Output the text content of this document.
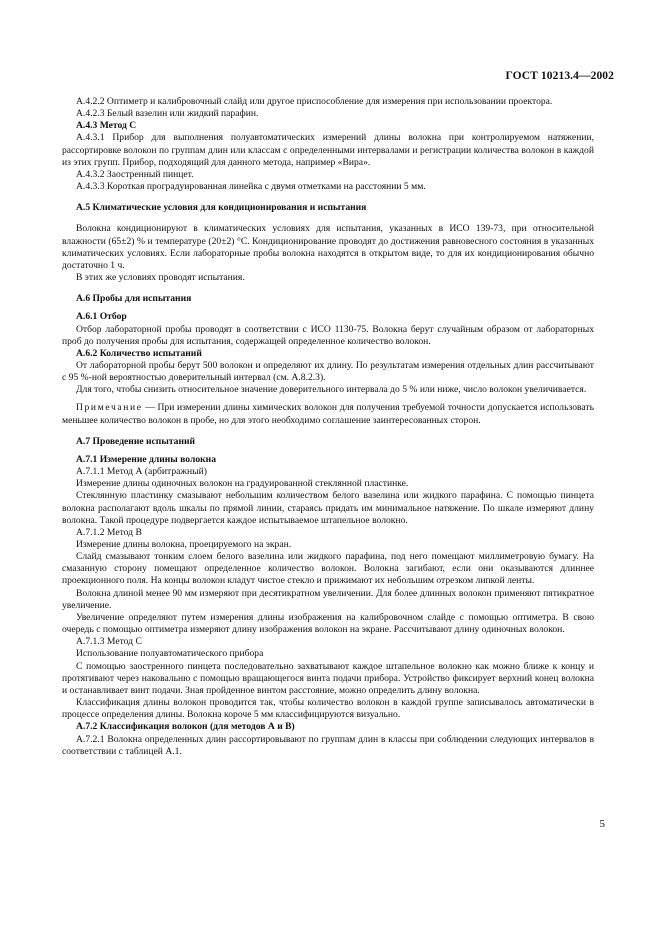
ГОСТ 10213.4—2002

А.4.2.2 Оптиметр и калибровочный слайд или другое приспособление для измерения при использовании проектора.

А.4.2.3 Белый вазелин или жидкий парафин.

А.4.3 Метод С

А.4.3.1 Прибор для выполнения полуавтоматических измерений длины волокна при контролируемом натяжении, рассортировке волокон по группам длин или классам с определенными интервалами и регистрации количества волокон в каждой из этих групп. Прибор, подходящий для данного метода, например «Вира».

А.4.3.2 Заостренный пинцет.

А.4.3.3 Короткая проградуированная линейка с двумя отметками на расстоянии 5 мм.

А.5 Климатические условия для кондиционирования и испытания

Волокна кондиционируют в климатических условиях для испытания, указанных в ИСО 139-73, при относительной влажности (65±2) % и температуре (20±2) °С. Кондиционирование проводят до достижения равновесного состояния в указанных климатических условиях. Если лабораторные пробы волокна находятся в открытом виде, то для их кондиционирования обычно достаточно 1 ч.

В этих же условиях проводят испытания.

А.6 Пробы для испытания

А.6.1 Отбор

Отбор лабораторной пробы проводят в соответствии с ИСО 1130-75. Волокна берут случайным образом от лабораторных проб до получения пробы для испытания, содержащей определенное количество волокон.

А.6.2 Количество испытаний

От лабораторной пробы берут 500 волокон и определяют их длину. По результатам измерения отдельных длин рассчитывают с 95 %-ной вероятностью доверительный интервал (см. А.8.2.3).

Для того, чтобы снизить относительное значение доверительного интервала до 5 % или ниже, число волокон увеличивается.

Примечание — При измерении длины химических волокон для получения требуемой точности допускается использовать меньшее количество волокон в пробе, но для этого необходимо соглашение заинтересованных сторон.

А.7 Проведение испытаний

А.7.1 Измерение длины волокна

А.7.1.1 Метод А (арбитражный)

Измерение длины одиночных волокон на градуированной стеклянной пластинке.

Стеклянную пластинку смазывают небольшим количеством белого вазелина или жидкого парафина. С помощью пинцета волокна располагают вдоль шкалы по прямой линии, стараясь придать им минимальное натяжение. По шкале измеряют длину волокна. Такой процедуре подвергается каждое испытываемое штапельное волокно.

А.7.1.2 Метод В

Измерение длины волокна, проецируемого на экран.

Слайд смазывают тонким слоем белого вазелина или жидкого парафина, под него помещают миллиметровую бумагу. На смазанную сторону помещают определенное количество волокон. Волокна загибают, если они оказываются длиннее проекционного поля. На концы волокон кладут чистое стекло и прижимают их небольшим отрезком липкой ленты.

Волокна длиной менее 90 мм измеряют при десятикратном увеличении. Для более длинных волокон применяют пятикратное увеличение.

Увеличение определяют путем измерения длины изображения на калибровочном слайде с помощью оптиметра. В свою очередь с помощью оптиметра измеряют длину изображения волокон на экране. Рассчитывают длину одиночных волокон.

А.7.1.3 Метод С

Использование полуавтоматического прибора

С помощью заостренного пинцета последовательно захватывают каждое штапельное волокно как можно ближе к концу и протягивают через наковальню с помощью вращающегося винта подачи прибора. Устройство фиксирует верхний конец волокна и останавливает винт подачи. Зная пройденное винтом расстояние, можно определить длину волокна.

Классификация длины волокон проводится так, чтобы количество волокон в каждой группе записывалось автоматически в процессе определения длины. Волокна короче 5 мм классифицируются визуально.

А.7.2 Классификация волокон (для методов А и В)

А.7.2.1 Волокна определенных длин рассортировывают по группам длин в классы при соблюдении следующих интервалов в соответствии с таблицей А.1.

5
